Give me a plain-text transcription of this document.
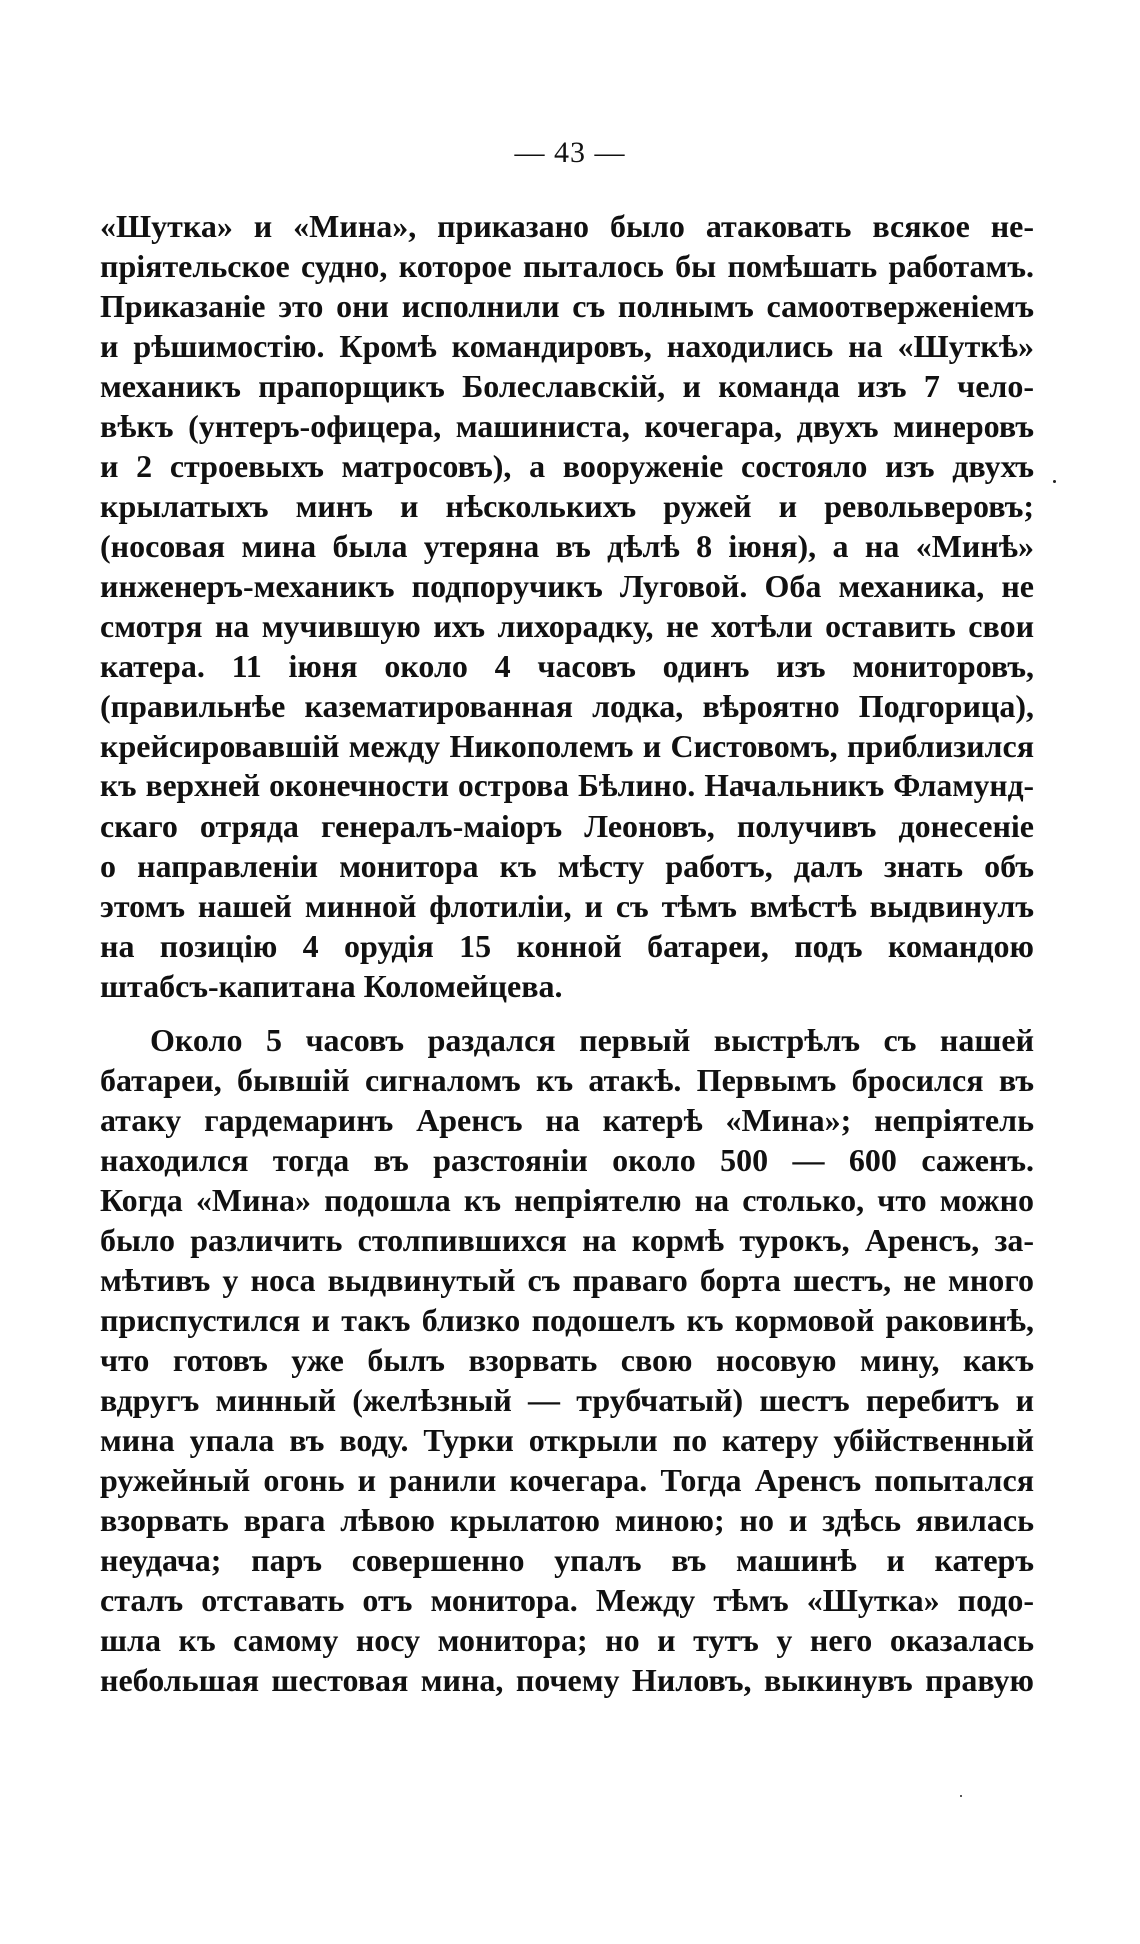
— 43 —

«Шутка» и «Мина», приказано было атаковать всякое не-

пріятельское судно, которое пыталось бы помѣшать работамъ.

Приказаніе это они исполнили съ полнымъ самоотверженіемъ

и рѣшимостію. Кромѣ командировъ, находились на «Шуткѣ»

механикъ прапорщикъ Болеславскій, и команда изъ 7 чело-

вѣкъ (унтеръ-офицера, машиниста, кочегара, двухъ минеровъ

и 2 строевыхъ матросовъ), а вооруженіе состояло изъ двухъ

крылатыхъ минъ и нѣсколькихъ ружей и револьверовъ;

(носовая мина была утеряна въ дѣлѣ 8 іюня), а на «Минѣ»

инженеръ-механикъ подпоручикъ Луговой. Оба механика, не

смотря на мучившую ихъ лихорадку, не хотѣли оставить свои

катера. 11 іюня около 4 часовъ одинъ изъ мониторовъ,

(правильнѣе казематированная лодка, вѣроятно Подгорица),

крейсировавшій между Никополемъ и Систовомъ, приблизился

къ верхней оконечности острова Бѣлино. Начальникъ Фламунд-

скаго отряда генералъ-маіоръ Леоновъ, получивъ донесеніе

о направленіи монитора къ мѣсту работъ, далъ знать объ

этомъ нашей минной флотиліи, и съ тѣмъ вмѣстѣ выдвинулъ

на позицію 4 орудія 15 конной батареи, подъ командою

штабсъ-капитана Коломейцева.

Около 5 часовъ раздался первый выстрѣлъ съ нашей

батареи, бывшій сигналомъ къ атакѣ. Первымъ бросился въ

атаку гардемаринъ Аренсъ на катерѣ «Мина»; непріятель

находился тогда въ разстояніи около 500 — 600 саженъ.

Когда «Мина» подошла къ непріятелю на столько, что можно

было различить столпившихся на кормѣ турокъ, Аренсъ, за-

мѣтивъ у носа выдвинутый съ праваго борта шестъ, не много

приспустился и такъ близко подошелъ къ кормовой раковинѣ,

что готовъ уже былъ взорвать свою носовую мину, какъ

вдругъ минный (желѣзный — трубчатый) шестъ перебитъ и

мина упала въ воду. Турки открыли по катеру убійственный

ружейный огонь и ранили кочегара. Тогда Аренсъ попытался

взорвать врага лѣвою крылатою миною; но и здѣсь явилась

неудача; паръ совершенно упалъ въ машинѣ и катеръ

сталъ отставать отъ монитора. Между тѣмъ «Шутка» подо-

шла къ самому носу монитора; но и тутъ у него оказалась

небольшая шестовая мина, почему Ниловъ, выкинувъ правую
